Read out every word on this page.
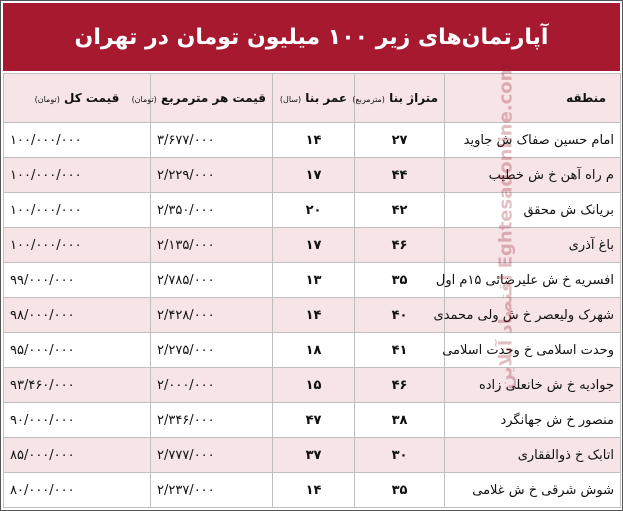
آپارتمان‌های زیر ۱۰۰ میلیون تومان در تهران
منطقه	متراژ بنا (مترمربع)	عمر بنا (سال)	قیمت هر مترمربع (تومان)	قیمت کل (تومان)
امام حسین صفاک ش جاوید	۲۷	۱۴	۳/۶۷۷/۰۰۰	۱۰۰/۰۰۰/۰۰۰
م راه آهن خ ش خطیب	۴۴	۱۷	۲/۲۲۹/۰۰۰	۱۰۰/۰۰۰/۰۰۰
بریانک ش محقق	۴۲	۲۰	۲/۳۵۰/۰۰۰	۱۰۰/۰۰۰/۰۰۰
باغ آذری	۴۶	۱۷	۲/۱۳۵/۰۰۰	۱۰۰/۰۰۰/۰۰۰
افسریه خ ش علیرضائی ۱۵م اول	۳۵	۱۳	۲/۷۸۵/۰۰۰	۹۹/۰۰۰/۰۰۰
شهرک ولیعصر خ ش ولی محمدی	۴۰	۱۴	۲/۴۲۸/۰۰۰	۹۸/۰۰۰/۰۰۰
وحدت اسلامی خ وحدت اسلامی	۴۱	۱۸	۲/۲۷۵/۰۰۰	۹۵/۰۰۰/۰۰۰
جوادیه خ ش خانعلی زاده	۴۶	۱۵	۲/۰۰۰/۰۰۰	۹۳/۴۶۰/۰۰۰
منصور خ ش جهانگرد	۳۸	۴۷	۲/۳۴۶/۰۰۰	۹۰/۰۰۰/۰۰۰
اتابک خ ذوالفقاری	۳۰	۳۷	۲/۷۷۷/۰۰۰	۸۵/۰۰۰/۰۰۰
شوش شرقی خ ش غلامی	۳۵	۱۴	۲/۲۳۷/۰۰۰	۸۰/۰۰۰/۰۰۰
اقتصاد آنلاین Eghtesadonline.com
